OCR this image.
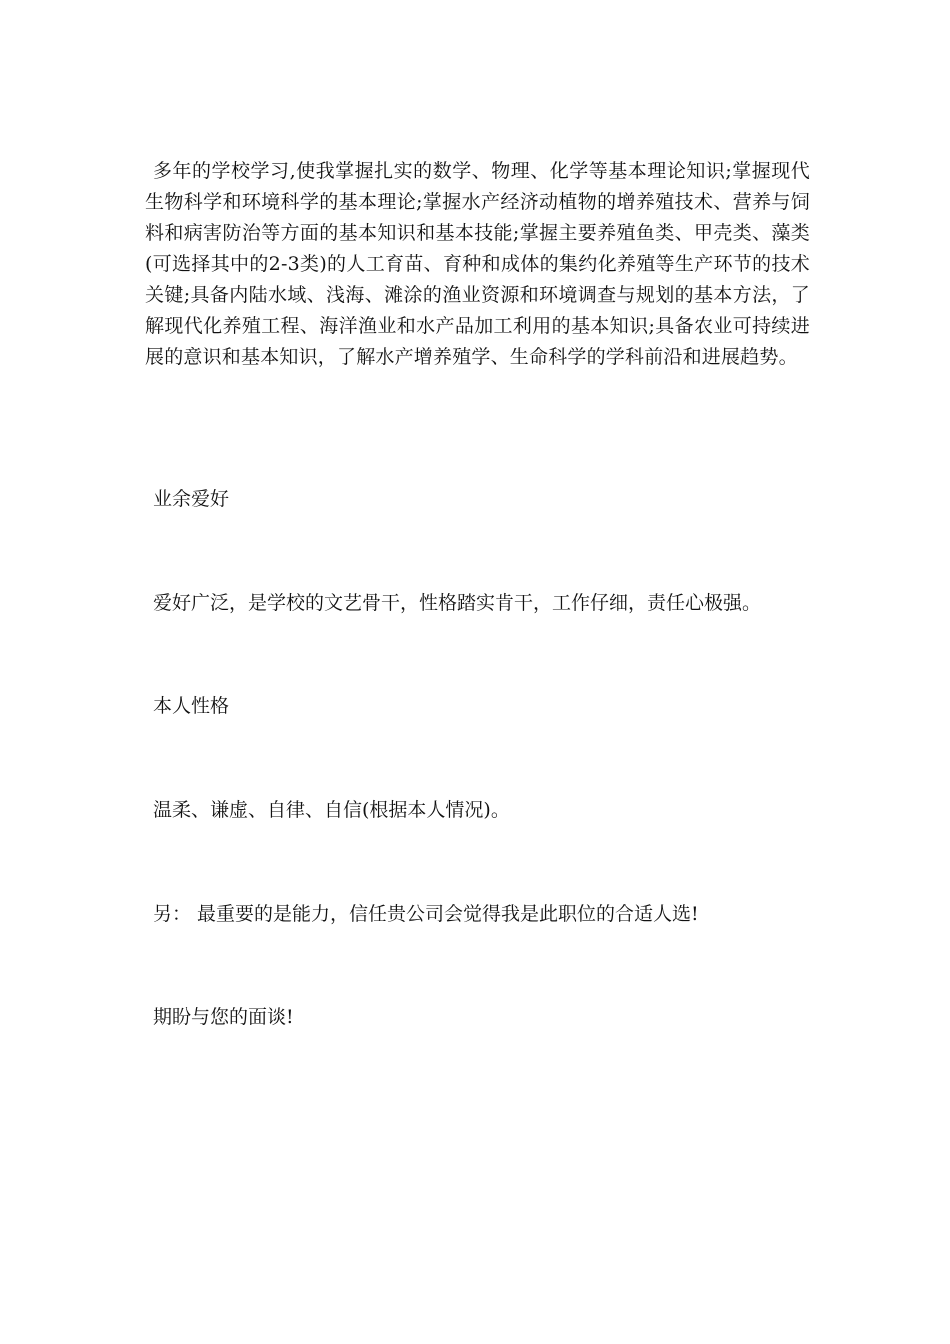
多年的学校学习,使我掌握扎实的数学、物理、化学等基本理论知识;掌握现代生物科学和环境科学的基本理论;掌握水产经济动植物的增养殖技术、营养与饲料和病害防治等方面的基本知识和基本技能;掌握主要养殖鱼类、甲壳类、藻类(可选择其中的2-3类)的人工育苗、育种和成体的集约化养殖等生产环节的技术关键;具备内陆水域、浅海、滩涂的渔业资源和环境调查与规划的基本方法，了解现代化养殖工程、海洋渔业和水产品加工利用的基本知识;具备农业可持续进展的意识和基本知识，了解水产增养殖学、生命科学的学科前沿和进展趋势。

业余爱好

爱好广泛，是学校的文艺骨干，性格踏实肯干，工作仔细，责任心极强。

本人性格

温柔、谦虚、自律、自信(根据本人情况)。

另： 最重要的是能力，信任贵公司会觉得我是此职位的合适人选!

期盼与您的面谈!
